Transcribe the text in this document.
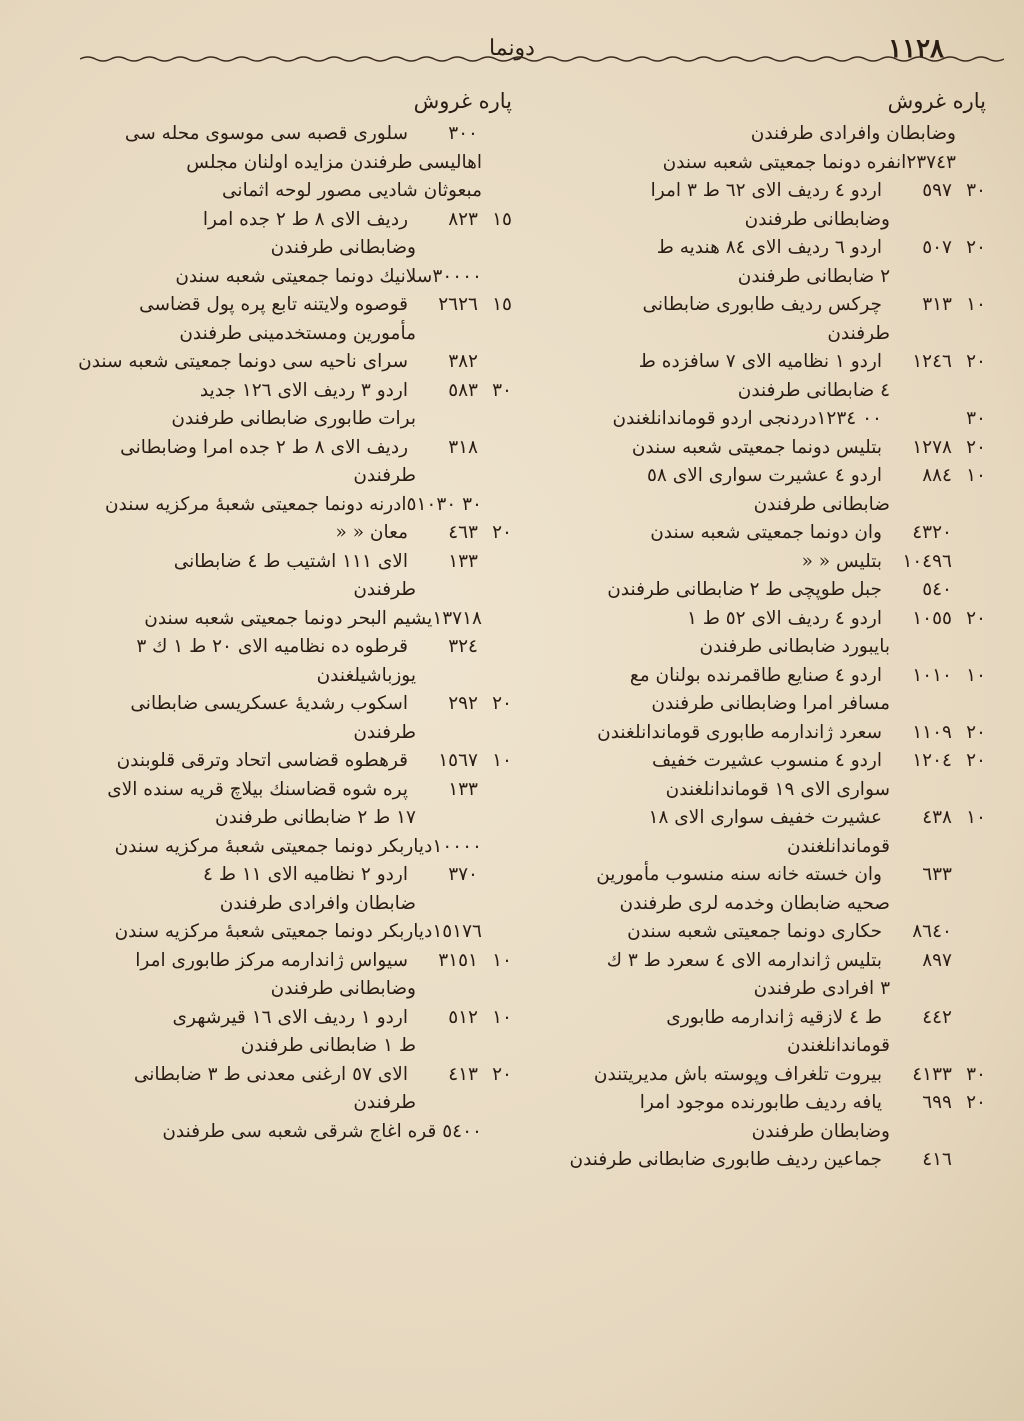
١١٢٨
دونما
پاره غروش
وضابطان وافرادى طرفندن
٢٣٧٤٣انفره دونما جمعيتى شعبه سندن
٣٠
٥٩٧
اردو ٤ رديف الاى ٦٢ ط ٣ امرا
وضابطانى طرفندن
٢٠
٥٠٧
اردو ٦ رديف الاى ٨٤ هنديه ط
٢ ضابطانى طرفندن
١٠
٣١٣
چركس رديف طابورى ضابطانى
طرفندن
٢٠
١٢٤٦
اردو ١ نظاميه الاى ٧ سافزده ط
٤ ضابطانى طرفندن
٣٠
٠٠ ١٢٣٤دردنجى اردو قوماندانلغندن
٢٠
١٢٧٨
بتليس دونما جمعيتى شعبه سندن
١٠
٨٨٤
اردو ٤ عشيرت سوارى الاى ٥٨
ضابطانى طرفندن
٤٣٢٠
وان دونما جمعيتى شعبه سندن
١٠٤٩٦
بتليس « «
٥٤٠
جبل طوپچى ط ٢ ضابطانى طرفندن
٢٠
١٠٥٥
اردو ٤ رديف الاى ٥٢ ط ١
بايبورد ضابطانى طرفندن
١٠
١٠١٠
اردو ٤ صنايع طاقمرنده بولنان مع
مسافر امرا وضابطانى طرفندن
٢٠
١١٠٩
سعرد ژاندارمه طابورى قوماندانلغندن
٢٠
١٢٠٤
اردو ٤ منسوب عشيرت خفيف
سوارى الاى ١٩ قوماندانلغندن
١٠
٤٣٨
عشيرت خفيف سوارى الاى ١٨
قوماندانلغندن
٦٣٣
وان خسته خانه سنه منسوب مأمورين
صحيه ضابطان وخدمه لرى طرفندن
٨٦٤٠
حكارى دونما جمعيتى شعبه سندن
٨٩٧
بتليس ژاندارمه الاى ٤ سعرد ط ٣ ك
٣ افرادى طرفندن
٤٤٢
ط ٤ لازقيه ژاندارمه طابورى
قوماندانلغندن
٣٠
٤١٣٣
بيروت تلغراف وپوسته باش مديريتندن
٢٠
٦٩٩
يافه رديف طابورنده موجود امرا
وضابطان طرفندن
٤١٦
جماعين رديف طابورى ضابطانى طرفندن
پاره غروش
٣٠٠
سلورى قصبه سى موسوى محله سى
اهاليسى طرفندن مزايده اولنان مجلس
مبعوثان شاديى مصور لوحه اثمانى
١٥
٨٢٣
رديف الاى ٨ ط ٢ جده امرا
وضابطانى طرفندن
٣٠٠٠٠سلانيك دونما جمعيتى شعبه سندن
١٥
٢٦٢٦
قوصوه ولايتنه تابع پره پول قضاسى
مأمورين ومستخدمينى طرفندن
٣٨٢
سراى ناحيه سى دونما جمعيتى شعبه سندن
٣٠
٥٨٣
اردو ٣ رديف الاى ١٢٦ جديد
برات طابورى ضابطانى طرفندن
٣١٨
رديف الاى ٨ ط ٢ جده امرا وضابطانى
طرفندن
٣٠ ٥١٠٣٠ادرنه دونما جمعيتى شعبۀ مركزيه سندن
٢٠
٤٦٣
معان « «
١٣٣
الاى ١١١ اشتيب ط ٤ ضابطانى
طرفندن
١٣٧١٨يشيم البحر دونما جمعيتى شعبه سندن
٣٢٤
قرطوه ده نظاميه الاى ٢٠ ط ١ ك ٣
يوزباشيلغندن
٢٠
٢٩٢
اسكوب رشديۀ عسكريسى ضابطانى
طرفندن
١٠
١٥٦٧
قرهطوه قضاسى اتحاد وترقى قلوبندن
١٣٣
پره شوه قضاسنك بيلاچ قريه سنده الاى
١٧ ط ٢ ضابطانى طرفندن
١٠٠٠٠دياربكر دونما جمعيتى شعبۀ مركزيه سندن
٣٧٠
اردو ٢ نظاميه الاى ١١ ط ٤
ضابطان وافرادى طرفندن
١٥١٧٦دياربكر دونما جمعيتى شعبۀ مركزيه سندن
١٠
٣١٥١
سيواس ژاندارمه مركز طابورى امرا
وضابطانى طرفندن
١٠
٥١٢
اردو ١ رديف الاى ١٦ قيرشهرى
ط ١ ضابطانى طرفندن
٢٠
٤١٣
الاى ٥٧ ارغنى معدنى ط ٣ ضابطانى
طرفندن
٥٤٠٠ قره اغاج شرقى شعبه سى طرفندن
